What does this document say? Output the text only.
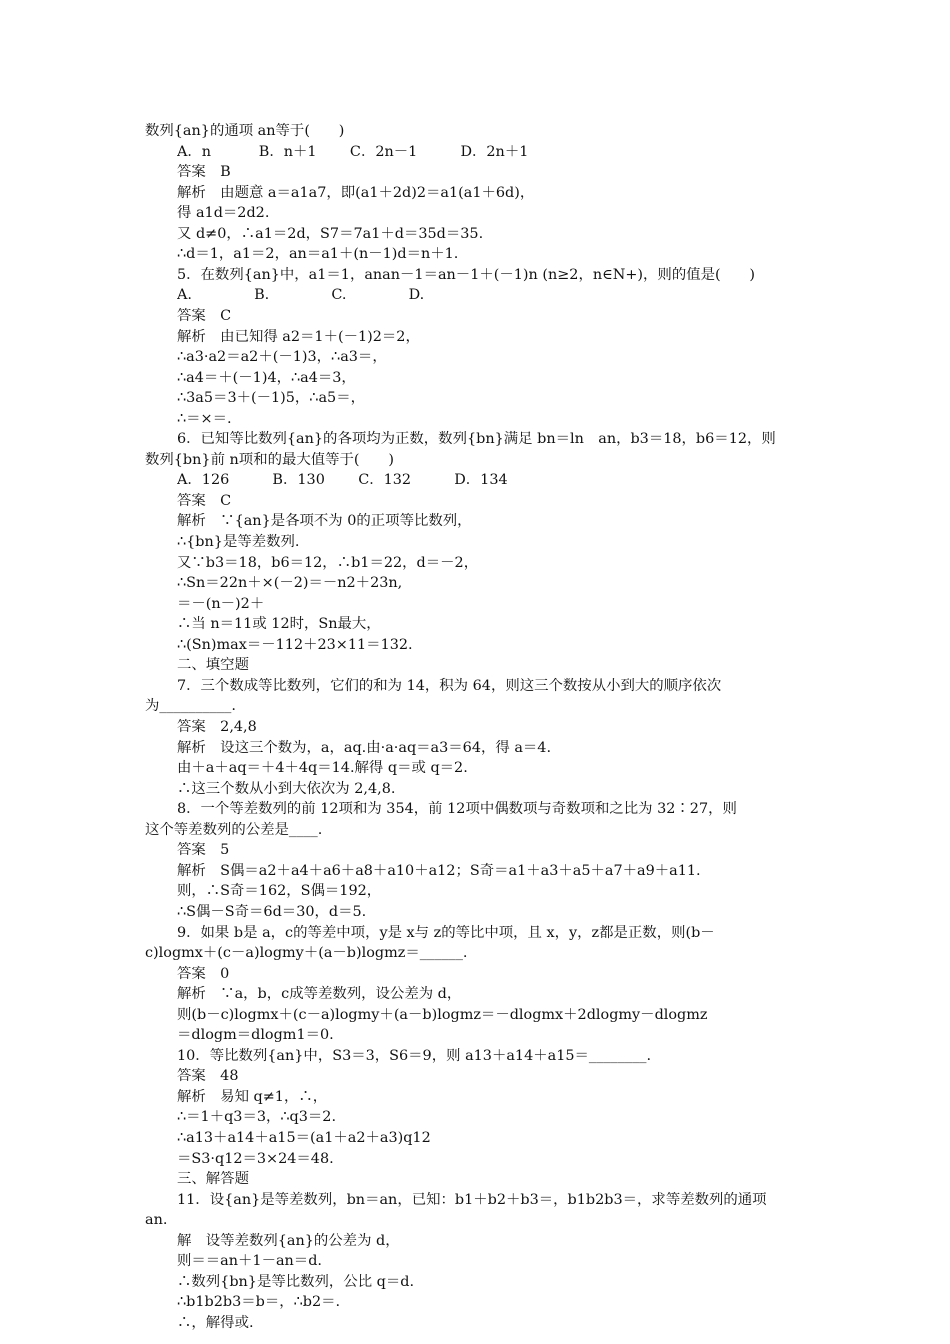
数列{an}的通项 an等于(　　)
A．n　　　 B．n＋1　　 C．2n－1　　　D．2n＋1
答案　B
解析　由题意 a＝a1a7，即(a1＋2d)2＝a1(a1＋6d)，
得 a1d＝2d2.
又 d≠0，∴a1＝2d，S7＝7a1＋d＝35d＝35.
∴d＝1，a1＝2，an＝a1＋(n－1)d＝n＋1.
5．在数列{an}中，a1＝1，anan－1＝an－1＋(－1)n (n≥2，n∈N+)，则的值是(　　)
A.　　　　 B.　　　　 C.　　　　 D.
答案　C
解析　由已知得 a2＝1＋(－1)2＝2，
∴a3·a2＝a2＋(－1)3，∴a3＝，
∴a4＝＋(－1)4，∴a4＝3，
∴3a5＝3＋(－1)5，∴a5＝，
∴＝×＝.
6．已知等比数列{an}的各项均为正数，数列{bn}满足 bn＝ln　an，b3＝18，b6＝12，则
数列{bn}前 n项和的最大值等于(　　)
A．126　　　B．130　　 C．132　　　D．134
答案　C
解析　∵{an}是各项不为 0的正项等比数列，
∴{bn}是等差数列.
又∵b3＝18，b6＝12，∴b1＝22，d＝－2，
∴Sn＝22n＋×(－2)＝－n2＋23n,
＝－(n－)2＋
∴当 n＝11或 12时，Sn最大，
∴(Sn)max＝－112＋23×11＝132.
二、填空题
7．三个数成等比数列，它们的和为 14，积为 64，则这三个数按从小到大的顺序依次
为__________.
答案　2,4,8
解析　设这三个数为，a，aq.由·a·aq＝a3＝64，得 a＝4.
由＋a＋aq＝＋4＋4q＝14.解得 q＝或 q＝2.
∴这三个数从小到大依次为 2,4,8.
8．一个等差数列的前 12项和为 354，前 12项中偶数项与奇数项和之比为 32∶27，则
这个等差数列的公差是____.
答案　5
解析　S偶＝a2＋a4＋a6＋a8＋a10＋a12；S奇＝a1＋a3＋a5＋a7＋a9＋a11.
则，∴S奇＝162，S偶＝192，
∴S偶－S奇＝6d＝30，d＝5.
9．如果 b是 a，c的等差中项，y是 x与 z的等比中项，且 x，y，z都是正数，则(b－
c)logmx＋(c－a)logmy＋(a－b)logmz＝______.
答案　0
解析　∵a，b，c成等差数列，设公差为 d，
则(b－c)logmx＋(c－a)logmy＋(a－b)logmz＝－dlogmx＋2dlogmy－dlogmz
＝dlogm＝dlogm1＝0.
10．等比数列{an}中，S3＝3，S6＝9，则 a13＋a14＋a15＝________.
答案　48
解析　易知 q≠1，∴，
∴＝1＋q3＝3，∴q3＝2.
∴a13＋a14＋a15＝(a1＋a2＋a3)q12
＝S3·q12＝3×24＝48.
三、解答题
11．设{an}是等差数列，bn＝an，已知：b1＋b2＋b3＝，b1b2b3＝，求等差数列的通项
an.
解　设等差数列{an}的公差为 d，
则＝＝an＋1－an＝d.
∴数列{bn}是等比数列，公比 q＝d.
∴b1b2b3＝b＝，∴b2＝.
∴，解得或.
